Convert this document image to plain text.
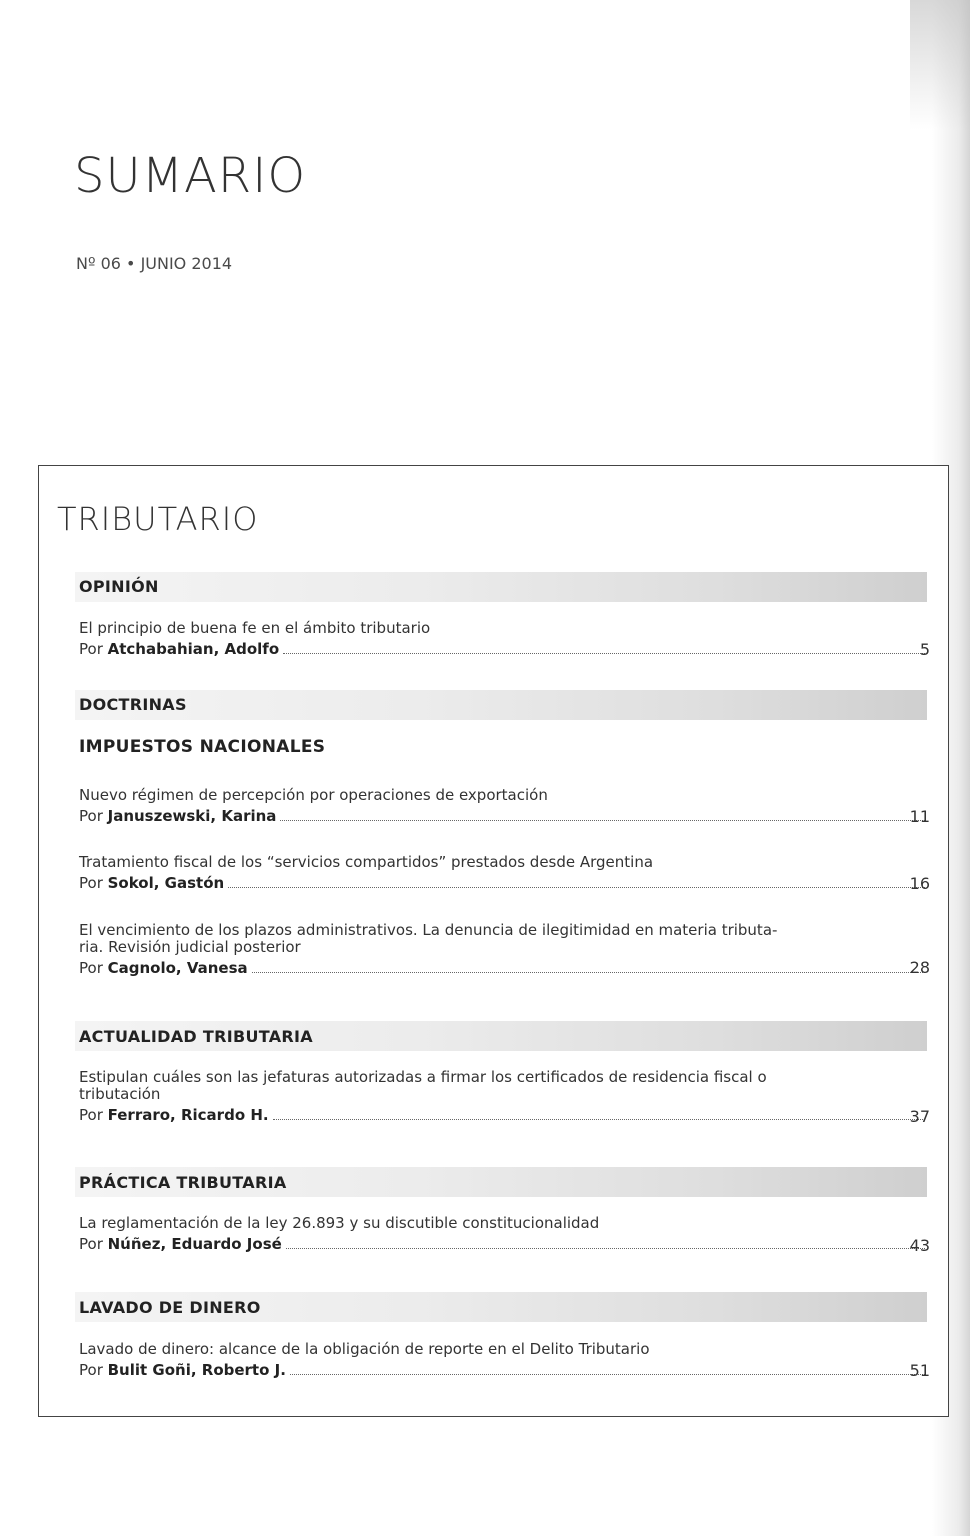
SUMARIO

Nº 06 • JUNIO 2014

TRIBUTARIO
OPINIÓN
El principio de buena fe en el ámbito tributario
Por Atchabahian, Adolfo	5
DOCTRINAS
IMPUESTOS NACIONALES
Nuevo régimen de percepción por operaciones de exportación
Por Januszewski, Karina	11
Tratamiento fiscal de los “servicios compartidos” prestados desde Argentina
Por Sokol, Gastón	16
El vencimiento de los plazos administrativos. La denuncia de ilegitimidad en materia tributa-
ria. Revisión judicial posterior
Por Cagnolo, Vanesa	28
ACTUALIDAD TRIBUTARIA
Estipulan cuáles son las jefaturas autorizadas a firmar los certificados de residencia fiscal o
tributación
Por Ferraro, Ricardo H.	37
PRÁCTICA TRIBUTARIA
La reglamentación de la ley 26.893 y su discutible constitucionalidad
Por Núñez, Eduardo José	43
LAVADO DE DINERO
Lavado de dinero: alcance de la obligación de reporte en el Delito Tributario
Por Bulit Goñi, Roberto J.	51
